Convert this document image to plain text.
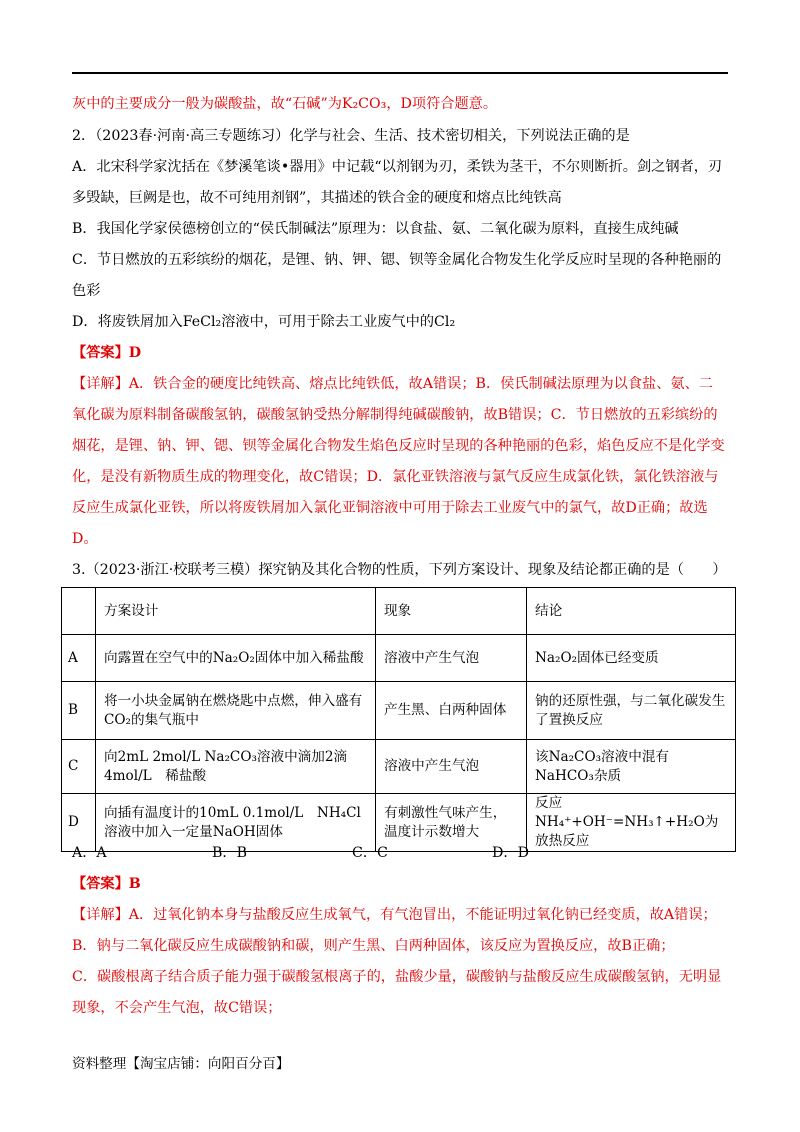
灰中的主要成分一般为碳酸盐，故“石碱”为K₂CO₃，D项符合题意。
2．（2023春·河南·高三专题练习）化学与社会、生活、技术密切相关，下列说法正确的是
A．北宋科学家沈括在《梦溪笔谈•器用》中记载“以剂钢为刃，柔铁为茎干，不尔则断折。剑之钢者，刃
多毁缺，巨阙是也，故不可纯用剂钢”，其描述的铁合金的硬度和熔点比纯铁高
B．我国化学家侯德榜创立的“侯氏制碱法”原理为：以食盐、氨、二氧化碳为原料，直接生成纯碱
C．节日燃放的五彩缤纷的烟花，是锂、钠、钾、锶、钡等金属化合物发生化学反应时呈现的各种艳丽的
色彩
D．将废铁屑加入FeCl₂溶液中，可用于除去工业废气中的Cl₂
【答案】D
【详解】A．铁合金的硬度比纯铁高、熔点比纯铁低，故A错误；B．侯氏制碱法原理为以食盐、氨、二
氧化碳为原料制备碳酸氢钠，碳酸氢钠受热分解制得纯碱碳酸钠，故B错误；C．节日燃放的五彩缤纷的
烟花，是锂、钠、钾、锶、钡等金属化合物发生焰色反应时呈现的各种艳丽的色彩，焰色反应不是化学变
化，是没有新物质生成的物理变化，故C错误；D．氯化亚铁溶液与氯气反应生成氯化铁，氯化铁溶液与
反应生成氯化亚铁，所以将废铁屑加入氯化亚铜溶液中可用于除去工业废气中的氯气，故D正确；故选
D。
3.（2023·浙江·校联考三模）探究钠及其化合物的性质，下列方案设计、现象及结论都正确的是（　　）
	方案设计	现象	结论
A	向露置在空气中的Na₂O₂固体中加入稀盐酸	溶液中产生气泡	Na₂O₂固体已经变质
B	将一小块金属钠在燃烧匙中点燃，伸入盛有CO₂的集气瓶中	产生黑、白两种固体	钠的还原性强，与二氧化碳发生了置换反应
C	向2mL 2mol/L Na₂CO₃溶液中滴加2滴4mol/L　稀盐酸	溶液中产生气泡	该Na₂CO₃溶液中混有NaHCO₃杂质
D	向插有温度计的10mL 0.1mol/L　NH₄Cl溶液中加入一定量NaOH固体	有刺激性气味产生，温度计示数增大	反应NH₄⁺+OH⁻=NH₃↑+H₂O为放热反应
A．A	B．B	C．C	D．D
【答案】B
【详解】A．过氧化钠本身与盐酸反应生成氧气，有气泡冒出，不能证明过氧化钠已经变质，故A错误；
B．钠与二氧化碳反应生成碳酸钠和碳，则产生黑、白两种固体，该反应为置换反应，故B正确；
C．碳酸根离子结合质子能力强于碳酸氢根离子的，盐酸少量，碳酸钠与盐酸反应生成碳酸氢钠，无明显
现象，不会产生气泡，故C错误；
资料整理【淘宝店铺：向阳百分百】
